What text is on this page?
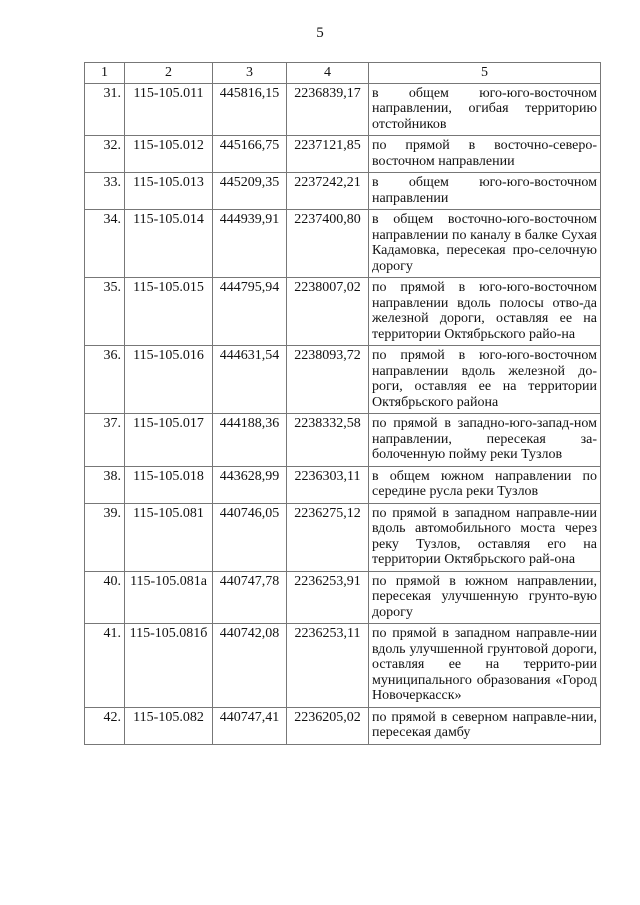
5
1	2	3	4	5
31.	115-105.011	445816,15	2236839,17	в общем юго-юго-восточном направлении, огибая территорию отстойников
32.	115-105.012	445166,75	2237121,85	по прямой в восточно-северо-восточном направлении
33.	115-105.013	445209,35	2237242,21	в общем юго-юго-восточном направлении
34.	115-105.014	444939,91	2237400,80	в общем восточно-юго-восточном направлении по каналу в балке Сухая Кадамовка, пересекая про-селочную дорогу
35.	115-105.015	444795,94	2238007,02	по прямой в юго-юго-восточном направлении вдоль полосы отво-да железной дороги, оставляя ее на территории Октябрьского райо-на
36.	115-105.016	444631,54	2238093,72	по прямой в юго-юго-восточном направлении вдоль железной до-роги, оставляя ее на территории Октябрьского района
37.	115-105.017	444188,36	2238332,58	по прямой в западно-юго-запад-ном направлении, пересекая за-болоченную пойму реки Тузлов
38.	115-105.018	443628,99	2236303,11	в общем южном направлении по середине русла реки Тузлов
39.	115-105.081	440746,05	2236275,12	по прямой в западном направле-нии вдоль автомобильного моста через реку Тузлов, оставляя его на территории Октябрьского рай-она
40.	115-105.081а	440747,78	2236253,91	по прямой в южном направлении, пересекая улучшенную грунто-вую дорогу
41.	115-105.081б	440742,08	2236253,11	по прямой в западном направле-нии вдоль улучшенной грунтовой дороги, оставляя ее на террито-рии муниципального образования «Город Новочеркасск»
42.	115-105.082	440747,41	2236205,02	по прямой в северном направле-нии, пересекая дамбу
